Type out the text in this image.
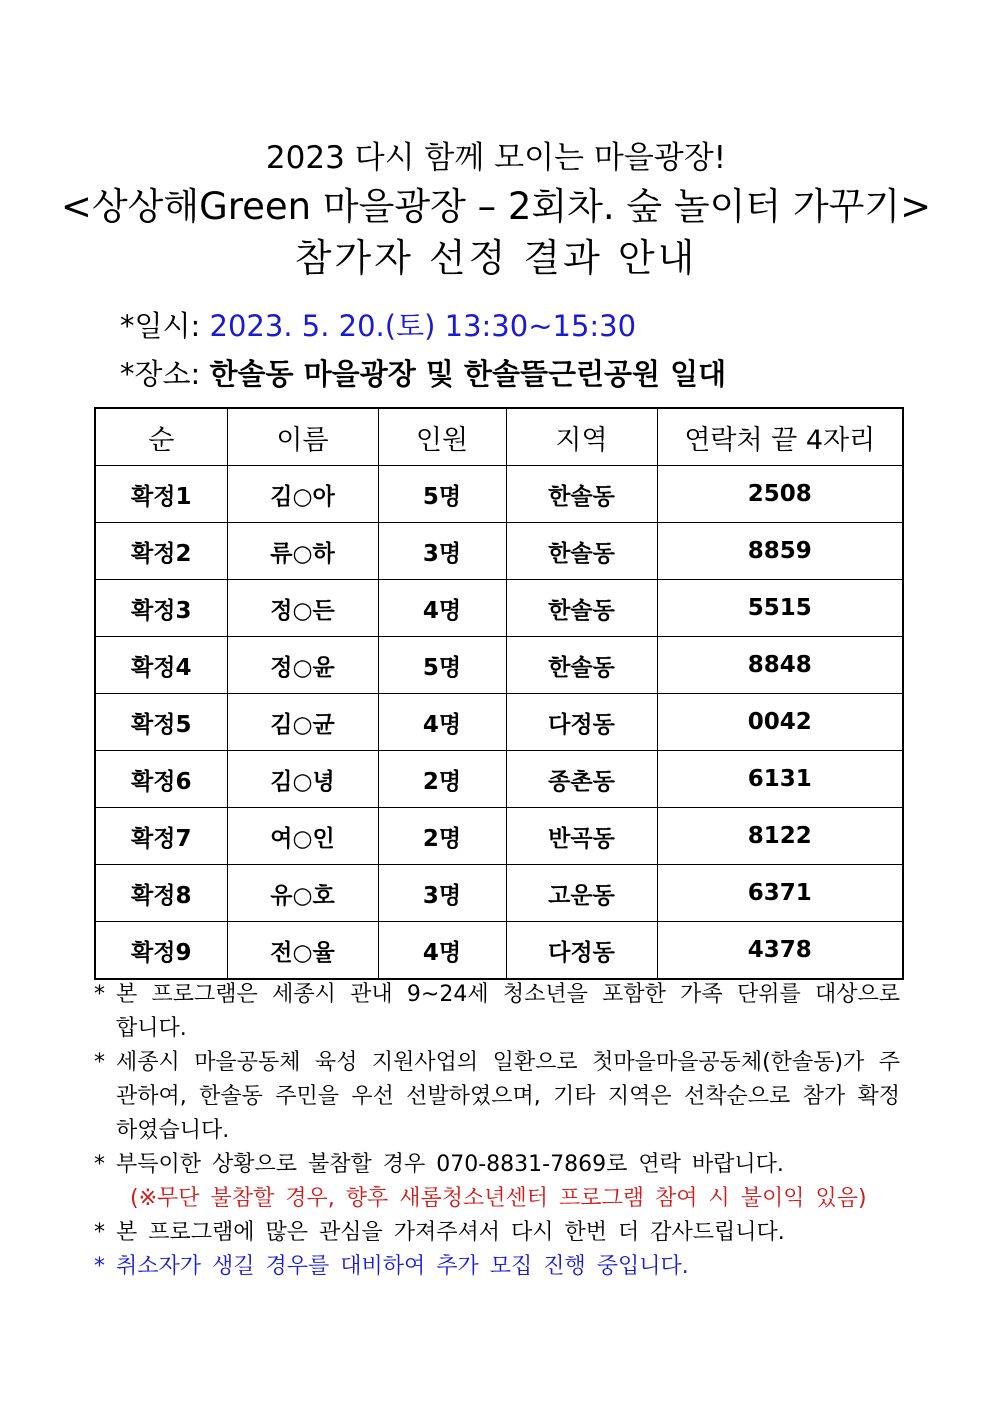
2023 다시 함께 모이는 마을광장!
<상상해Green 마을광장 – 2회차. 숲 놀이터 가꾸기>
참가자 선정 결과 안내
*일시: 2023. 5. 20.(토) 13:30~15:30
*장소: 한솔동 마을광장 및 한솔뜰근린공원 일대
순	이름	인원	지역	연락처 끝 4자리
확정1	김○아	5명	한솔동	2508
확정2	류○하	3명	한솔동	8859
확정3	정○든	4명	한솔동	5515
확정4	정○윤	5명	한솔동	8848
확정5	김○균	4명	다정동	0042
확정6	김○녕	2명	종촌동	6131
확정7	여○인	2명	반곡동	8122
확정8	유○호	3명	고운동	6371
확정9	전○율	4명	다정동	4378
* 본 프로그램은 세종시 관내 9~24세 청소년을 포함한 가족 단위를 대상으로 합니다.
* 세종시 마을공동체 육성 지원사업의 일환으로 첫마을마을공동체(한솔동)가 주관하여, 한솔동 주민을 우선 선발하였으며, 기타 지역은 선착순으로 참가 확정하였습니다.
* 부득이한 상황으로 불참할 경우 070-8831-7869로 연락 바랍니다.
(※무단 불참할 경우, 향후 새롬청소년센터 프로그램 참여 시 불이익 있음)
* 본 프로그램에 많은 관심을 가져주셔서 다시 한번 더 감사드립니다.
* 취소자가 생길 경우를 대비하여 추가 모집 진행 중입니다.
